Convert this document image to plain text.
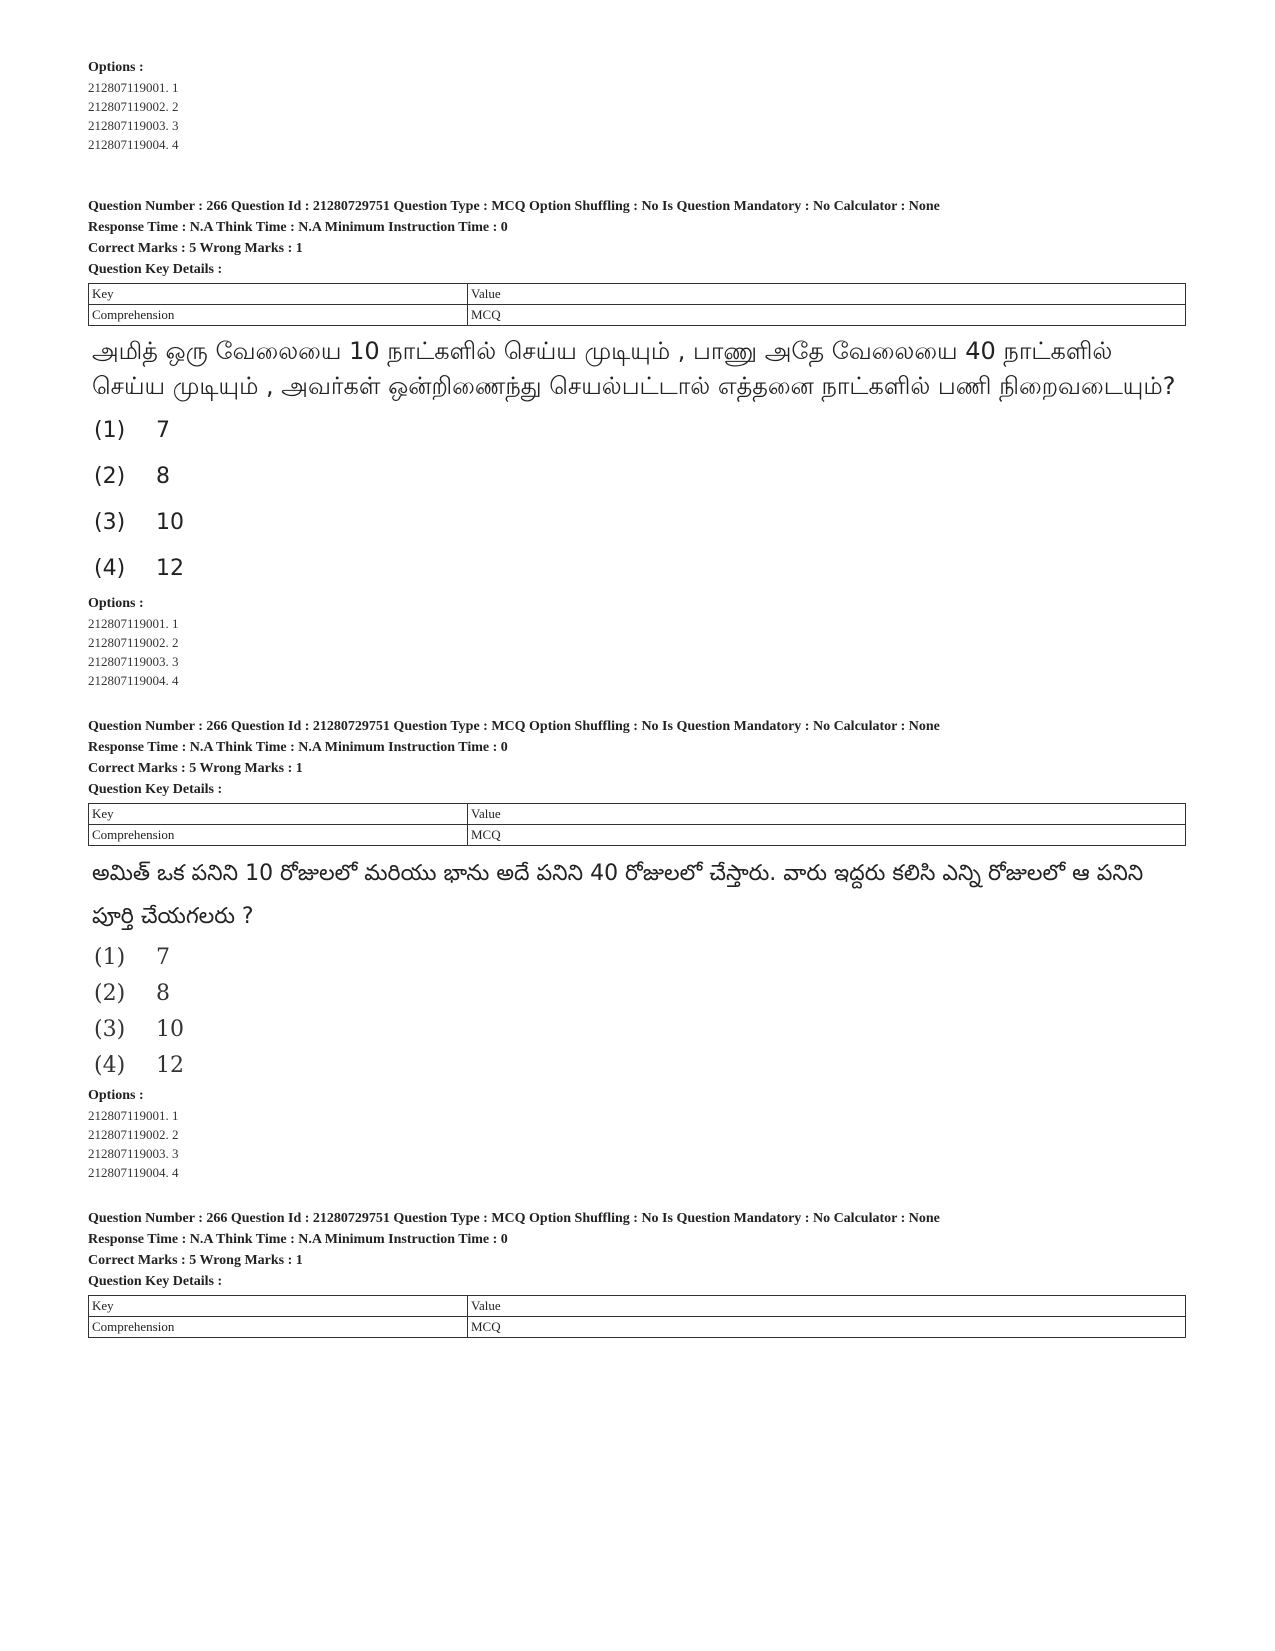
Options :
212807119001. 1
212807119002. 2
212807119003. 3
212807119004. 4
Question Number : 266 Question Id : 21280729751 Question Type : MCQ Option Shuffling : No Is Question Mandatory : No Calculator : None
Response Time : N.A Think Time : N.A Minimum Instruction Time : 0
Correct Marks : 5 Wrong Marks : 1
Question Key Details :
Key	Value
Comprehension	MCQ
அமித் ஒரு வேலையை 10 நாட்களில் செய்ய முடியும் , பாணு அதே வேலையை 40 நாட்களில் செய்ய முடியும் , அவர்கள் ஒன்றிணைந்து செயல்பட்டால் எத்தனை நாட்களில் பணி நிறைவடையும்?
(1) 7
(2) 8
(3) 10
(4) 12
Options :
212807119001. 1
212807119002. 2
212807119003. 3
212807119004. 4
Question Number : 266 Question Id : 21280729751 Question Type : MCQ Option Shuffling : No Is Question Mandatory : No Calculator : None
Response Time : N.A Think Time : N.A Minimum Instruction Time : 0
Correct Marks : 5 Wrong Marks : 1
Question Key Details :
Key	Value
Comprehension	MCQ
అమిత్ ఒక పనిని 10 రోజులలో మరియు భాను అదే పనిని 40 రోజులలో చేస్తారు. వారు ఇద్దరు కలిసి ఎన్ని రోజులలో ఆ పనిని పూర్తి చేయగలరు ?
(1) 7
(2) 8
(3) 10
(4) 12
Options :
212807119001. 1
212807119002. 2
212807119003. 3
212807119004. 4
Question Number : 266 Question Id : 21280729751 Question Type : MCQ Option Shuffling : No Is Question Mandatory : No Calculator : None
Response Time : N.A Think Time : N.A Minimum Instruction Time : 0
Correct Marks : 5 Wrong Marks : 1
Question Key Details :
Key	Value
Comprehension	MCQ
